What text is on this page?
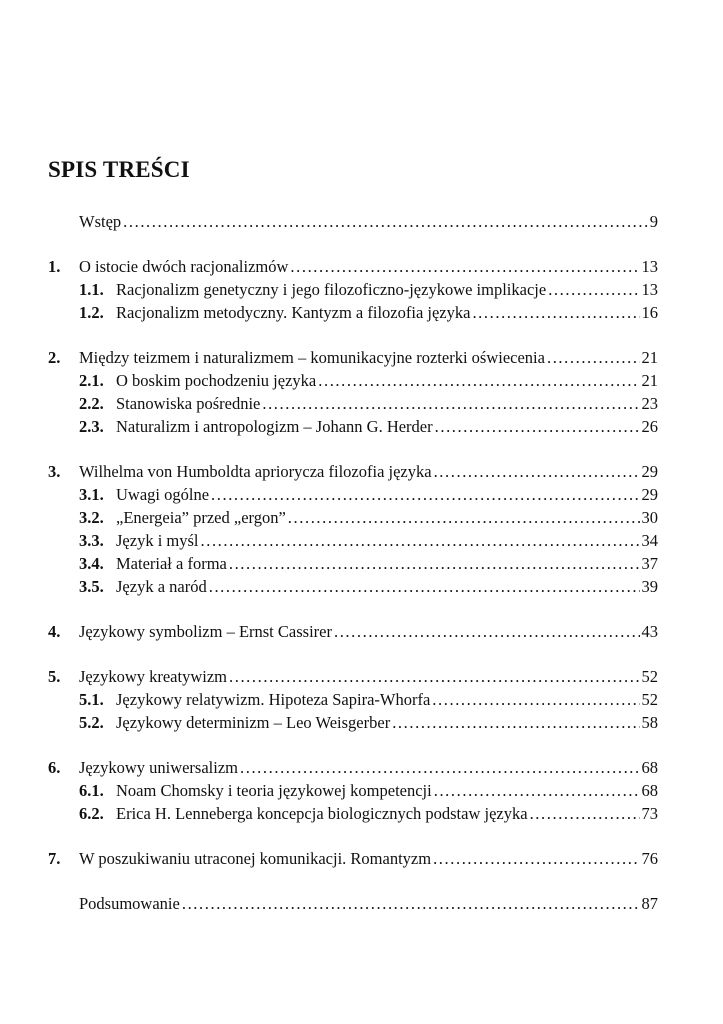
SPIS TREŚCI
Wstęp .....	9
1.	O istocie dwóch racjonalizmów .....	13
1.1. Racjonalizm genetyczny i jego filozoficzno-językowe implikacje .....	13
1.2. Racjonalizm metodyczny. Kantyzm a filozofia języka .....	16
2.	Między teizmem i naturalizmem – komunikacyjne rozterki oświecenia .....	21
2.1. O boskim pochodzeniu języka .....	21
2.2. Stanowiska pośrednie .....	23
2.3. Naturalizm i antropologizm – Johann G. Herder .....	26
3.	Wilhelma von Humboldta apriorycza filozofia języka .....	29
3.1. Uwagi ogólne .....	29
3.2. „Energeia” przed „ergon” .....	30
3.3. Język i myśl .....	34
3.4. Materiał a forma .....	37
3.5. Język a naród .....	39
4.	Językowy symbolizm – Ernst Cassirer .....	43
5.	Językowy kreatywizm .....	52
5.1. Językowy relatywizm. Hipoteza Sapira-Whorfa .....	52
5.2. Językowy determinizm – Leo Weisgerber .....	58
6.	Językowy uniwersalizm .....	68
6.1. Noam Chomsky i teoria językowej kompetencji .....	68
6.2. Erica H. Lenneberga koncepcja biologicznych podstaw języka .....	73
7.	W poszukiwaniu utraconej komunikacji. Romantyzm .....	76
Podsumowanie .....	87
